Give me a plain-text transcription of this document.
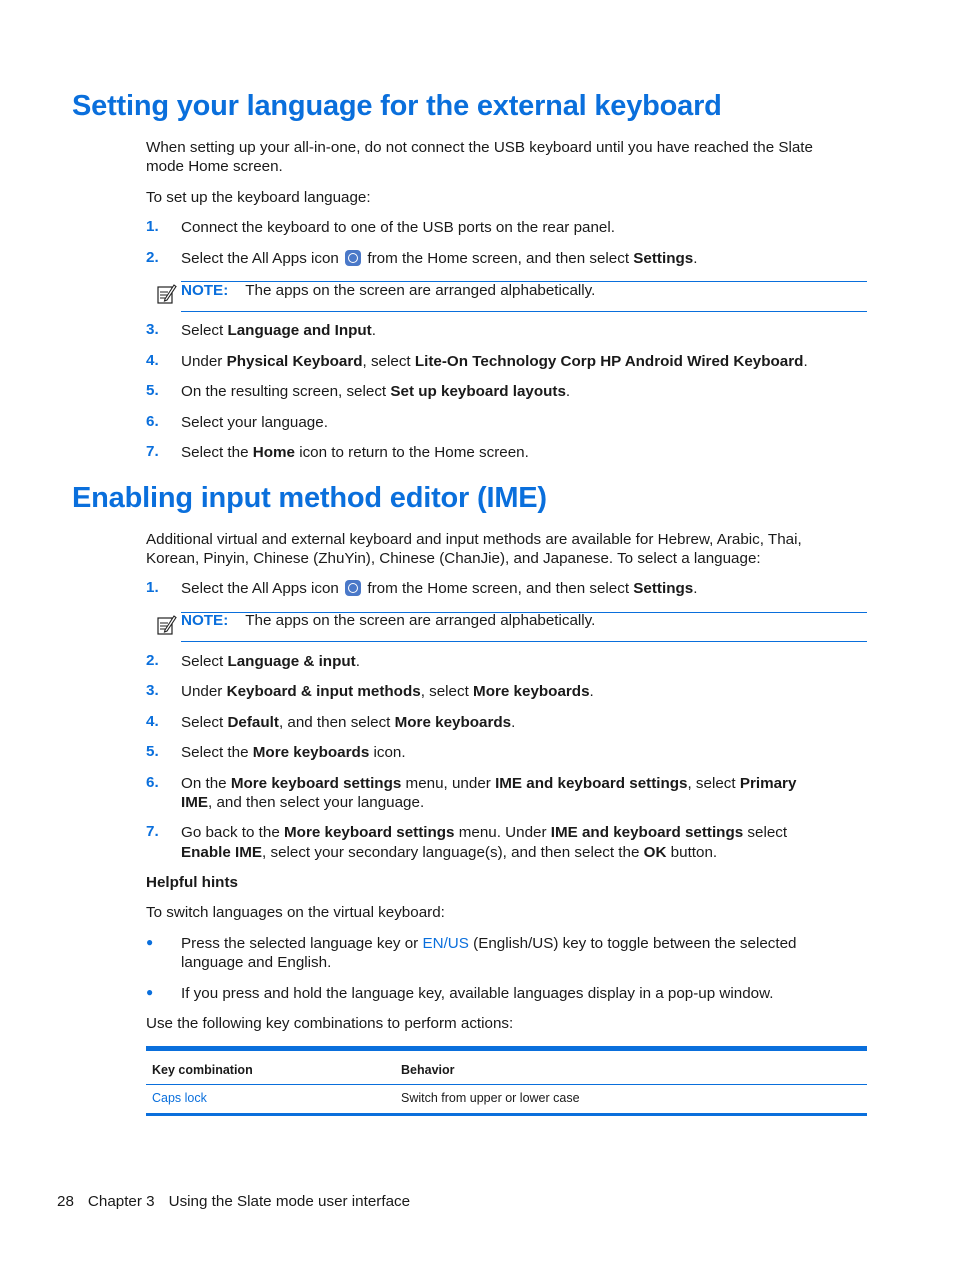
Setting your language for the external keyboard

When setting up your all-in-one, do not connect the USB keyboard until you have reached the Slate

mode Home screen.

To set up the keyboard language:

1. Connect the keyboard to one of the USB ports on the rear panel.

2. Select the All Apps icon from the Home screen, and then select Settings.

NOTE: The apps on the screen are arranged alphabetically.

3. Select Language and Input.

4. Under Physical Keyboard, select Lite-On Technology Corp HP Android Wired Keyboard.

5. On the resulting screen, select Set up keyboard layouts.

6. Select your language.

7. Select the Home icon to return to the Home screen.

Enabling input method editor (IME)

Additional virtual and external keyboard and input methods are available for Hebrew, Arabic, Thai,

Korean, Pinyin, Chinese (ZhuYin), Chinese (ChanJie), and Japanese. To select a language:

1. Select the All Apps icon from the Home screen, and then select Settings.

NOTE: The apps on the screen are arranged alphabetically.

2. Select Language & input.

3. Under Keyboard & input methods, select More keyboards.

4. Select Default, and then select More keyboards.

5. Select the More keyboards icon.

6. On the More keyboard settings menu, under IME and keyboard settings, select Primary

IME, and then select your language.

7. Go back to the More keyboard settings menu. Under IME and keyboard settings select

Enable IME, select your secondary language(s), and then select the OK button.

Helpful hints

To switch languages on the virtual keyboard:

● Press the selected language key or EN/US (English/US) key to toggle between the selected

language and English.

● If you press and hold the language key, available languages display in a pop-up window.

Use the following key combinations to perform actions:

Key combination	Behavior
Caps lock	Switch from upper or lower case

28 Chapter 3 Using the Slate mode user interface
